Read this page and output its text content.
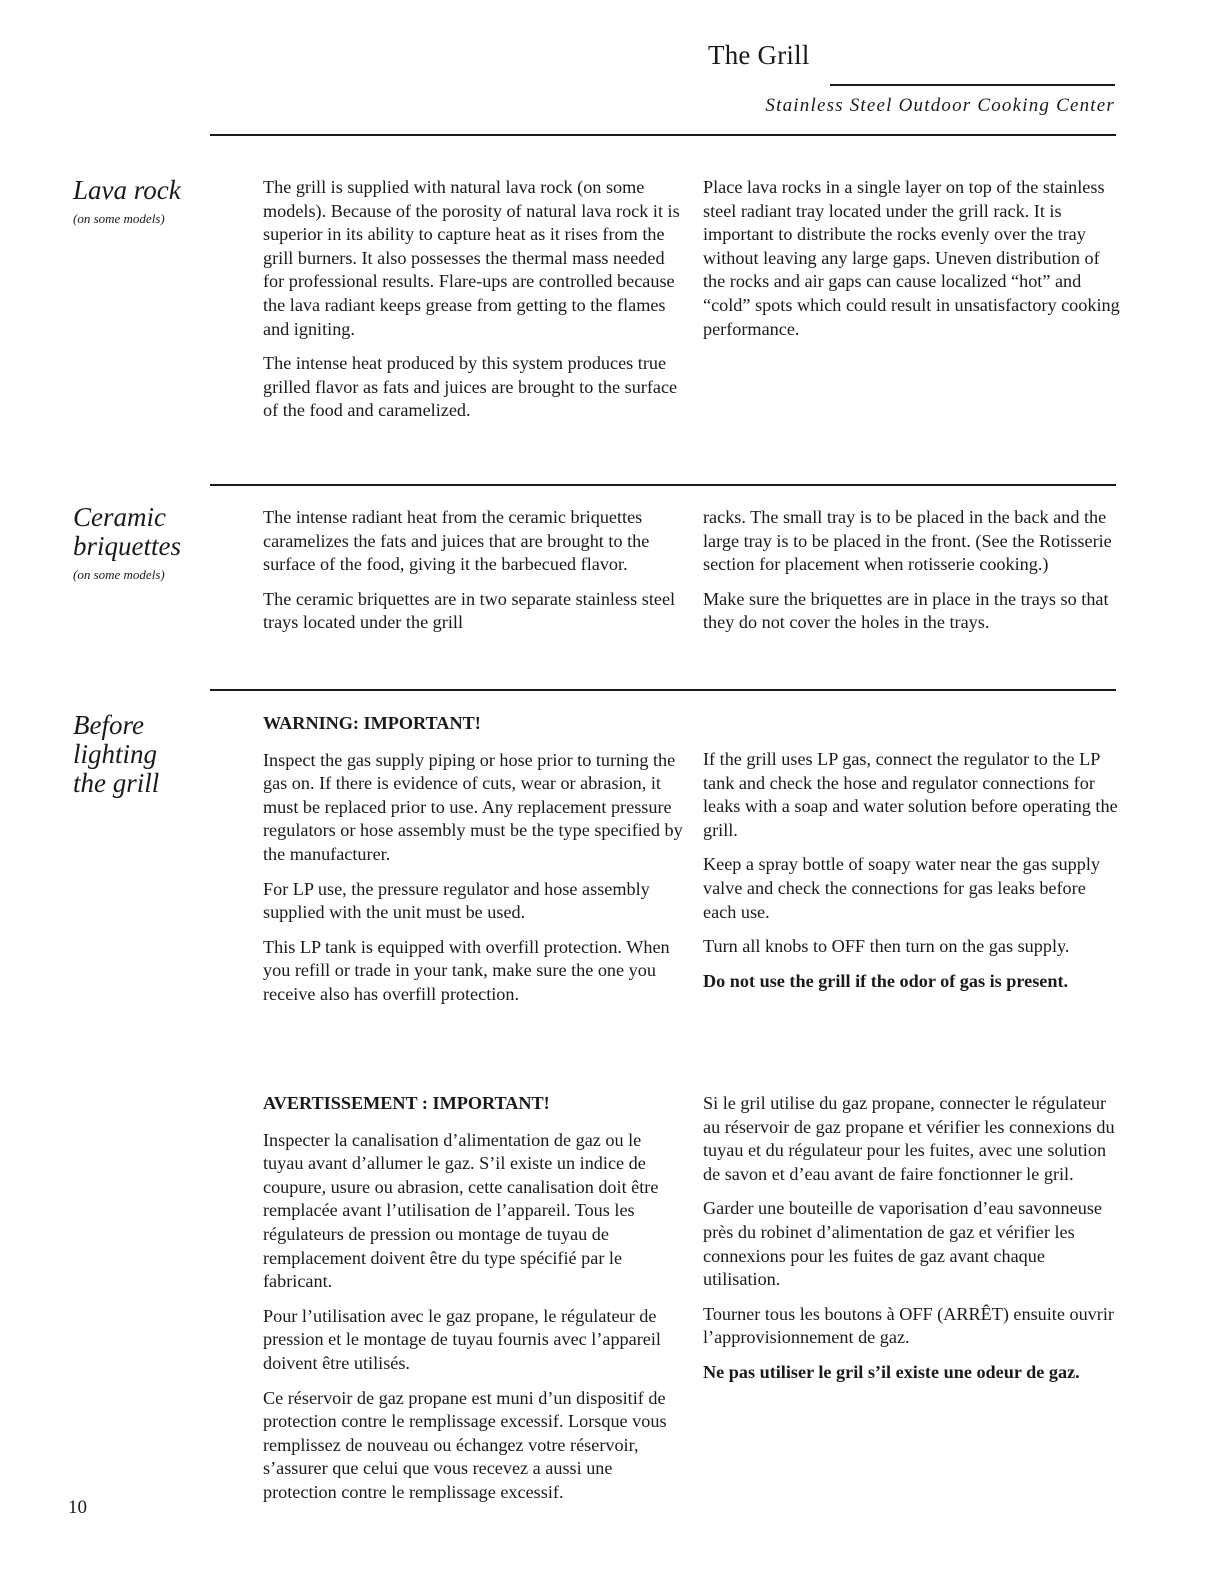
The Grill
Stainless Steel Outdoor Cooking Center
Lava rock
(on some models)

The grill is supplied with natural lava rock (on some models). Because of the porosity of natural lava rock it is superior in its ability to capture heat as it rises from the grill burners. It also possesses the thermal mass needed for professional results. Flare-ups are controlled because the lava radiant keeps grease from getting to the flames and igniting.

The intense heat produced by this system produces true grilled flavor as fats and juices are brought to the surface of the food and caramelized.

Place lava rocks in a single layer on top of the stainless steel radiant tray located under the grill rack. It is important to distribute the rocks evenly over the tray without leaving any large gaps. Uneven distribution of the rocks and air gaps can cause localized “hot” and “cold” spots which could result in unsatisfactory cooking performance.

Ceramic
briquettes
(on some models)

The intense radiant heat from the ceramic briquettes caramelizes the fats and juices that are brought to the surface of the food, giving it the barbecued flavor.

The ceramic briquettes are in two separate stainless steel trays located under the grill

racks. The small tray is to be placed in the back and the large tray is to be placed in the front. (See the Rotisserie section for placement when rotisserie cooking.)

Make sure the briquettes are in place in the trays so that they do not cover the holes in the trays.

Before
lighting
the grill

WARNING: IMPORTANT!

Inspect the gas supply piping or hose prior to turning the gas on. If there is evidence of cuts, wear or abrasion, it must be replaced prior to use. Any replacement pressure regulators or hose assembly must be the type specified by the manufacturer.

For LP use, the pressure regulator and hose assembly supplied with the unit must be used.

This LP tank is equipped with overfill protection. When you refill or trade in your tank, make sure the one you receive also has overfill protection.

If the grill uses LP gas, connect the regulator to the LP tank and check the hose and regulator connections for leaks with a soap and water solution before operating the grill.

Keep a spray bottle of soapy water near the gas supply valve and check the connections for gas leaks before each use.

Turn all knobs to OFF then turn on the gas supply.

Do not use the grill if the odor of gas is present.

AVERTISSEMENT : IMPORTANT!

Inspecter la canalisation d’alimentation de gaz ou le tuyau avant d’allumer le gaz. S’il existe un indice de coupure, usure ou abrasion, cette canalisation doit être remplacée avant l’utilisation de l’appareil. Tous les régulateurs de pression ou montage de tuyau de remplacement doivent être du type spécifié par le fabricant.

Pour l’utilisation avec le gaz propane, le régulateur de pression et le montage de tuyau fournis avec l’appareil doivent être utilisés.

Ce réservoir de gaz propane est muni d’un dispositif de protection contre le remplissage excessif. Lorsque vous remplissez de nouveau ou échangez votre réservoir, s’assurer que celui que vous recevez a aussi une protection contre le remplissage excessif.

Si le gril utilise du gaz propane, connecter le régulateur au réservoir de gaz propane et vérifier les connexions du tuyau et du régulateur pour les fuites, avec une solution de savon et d’eau avant de faire fonctionner le gril.

Garder une bouteille de vaporisation d’eau savonneuse près du robinet d’alimentation de gaz et vérifier les connexions pour les fuites de gaz avant chaque utilisation.

Tourner tous les boutons à OFF (ARRÊT) ensuite ouvrir l’approvisionnement de gaz.

Ne pas utiliser le gril s’il existe une odeur de gaz.

10
